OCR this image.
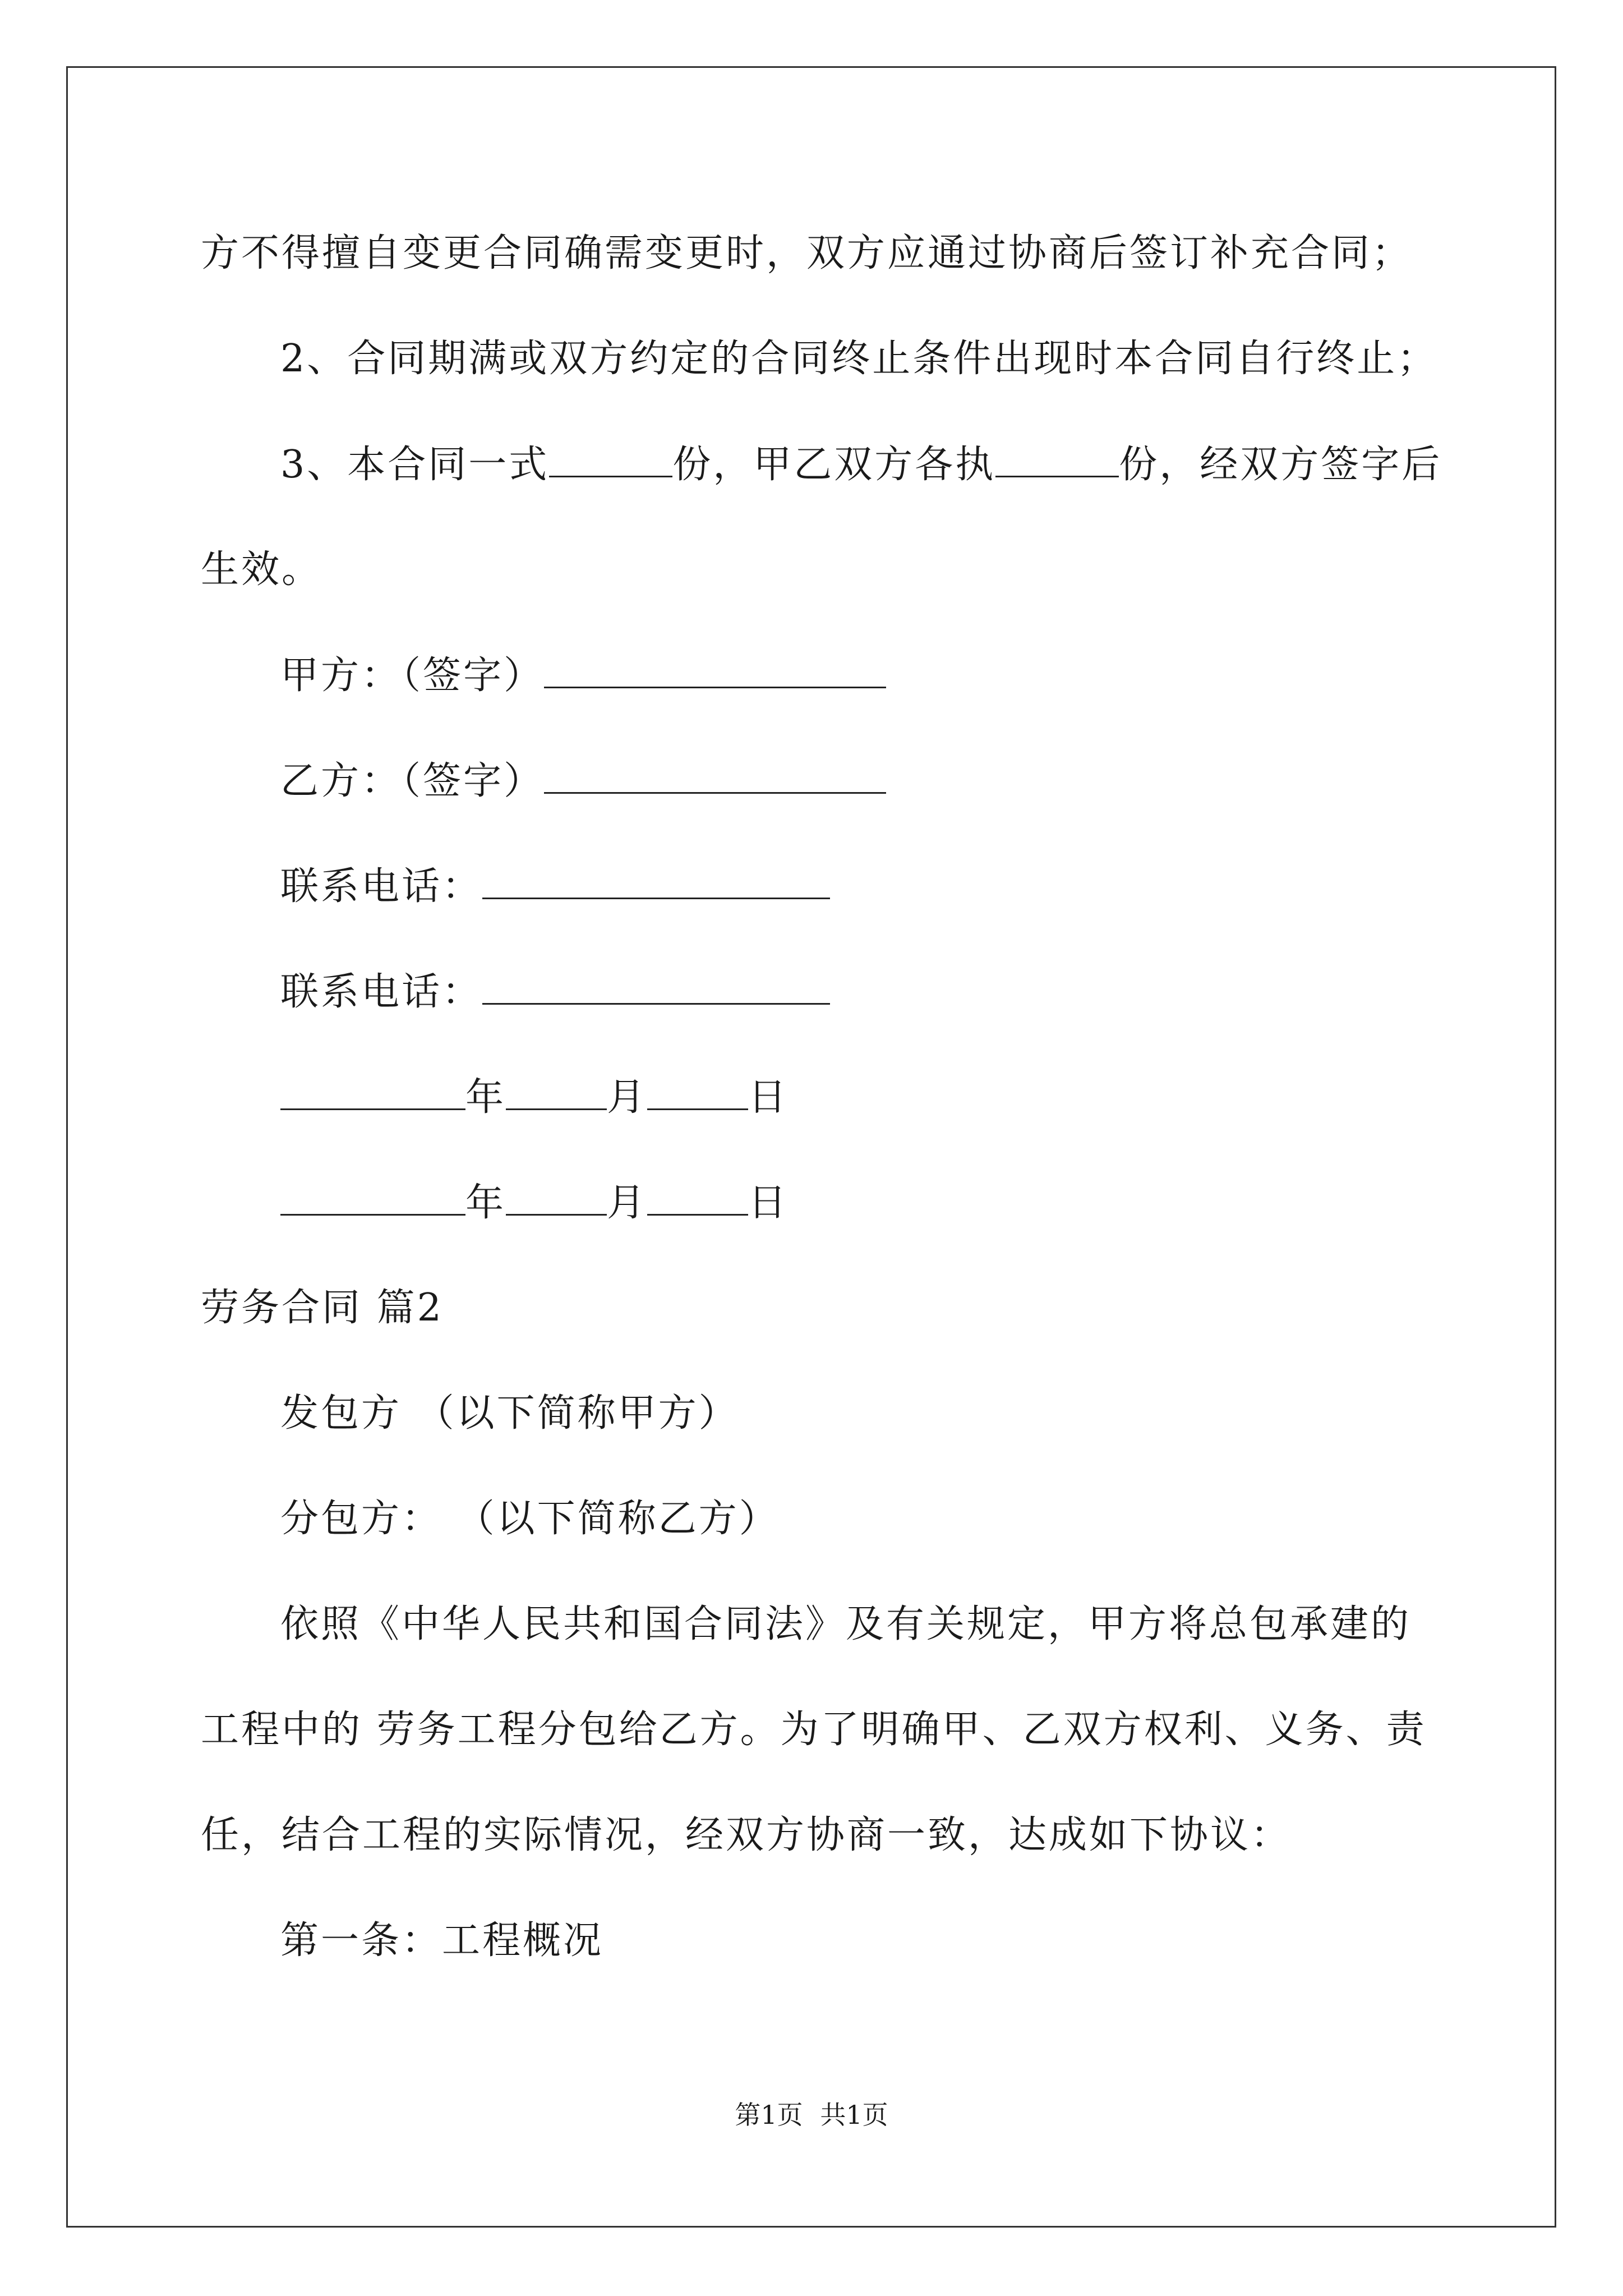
方不得擅自变更合同确需变更时，双方应通过协商后签订补充合同；
2、合同期满或双方约定的合同终止条件出现时本合同自行终止；
3、本合同一式	份，甲乙双方各执	份，经双方签字后
生效。
甲方：（签字）
乙方：（签字）
联系电话：
联系电话：
年	月	日
年	月	日
劳务合同 篇2
发包方 （以下简称甲方）
分包方： （以下简称乙方）
依照《中华人民共和国合同法》及有关规定，甲方将总包承建的
工程中的 劳务工程分包给乙方。为了明确甲、乙双方权利、义务、责
任，结合工程的实际情况，经双方协商一致，达成如下协议：
第一条：工程概况
第1页 共1页
